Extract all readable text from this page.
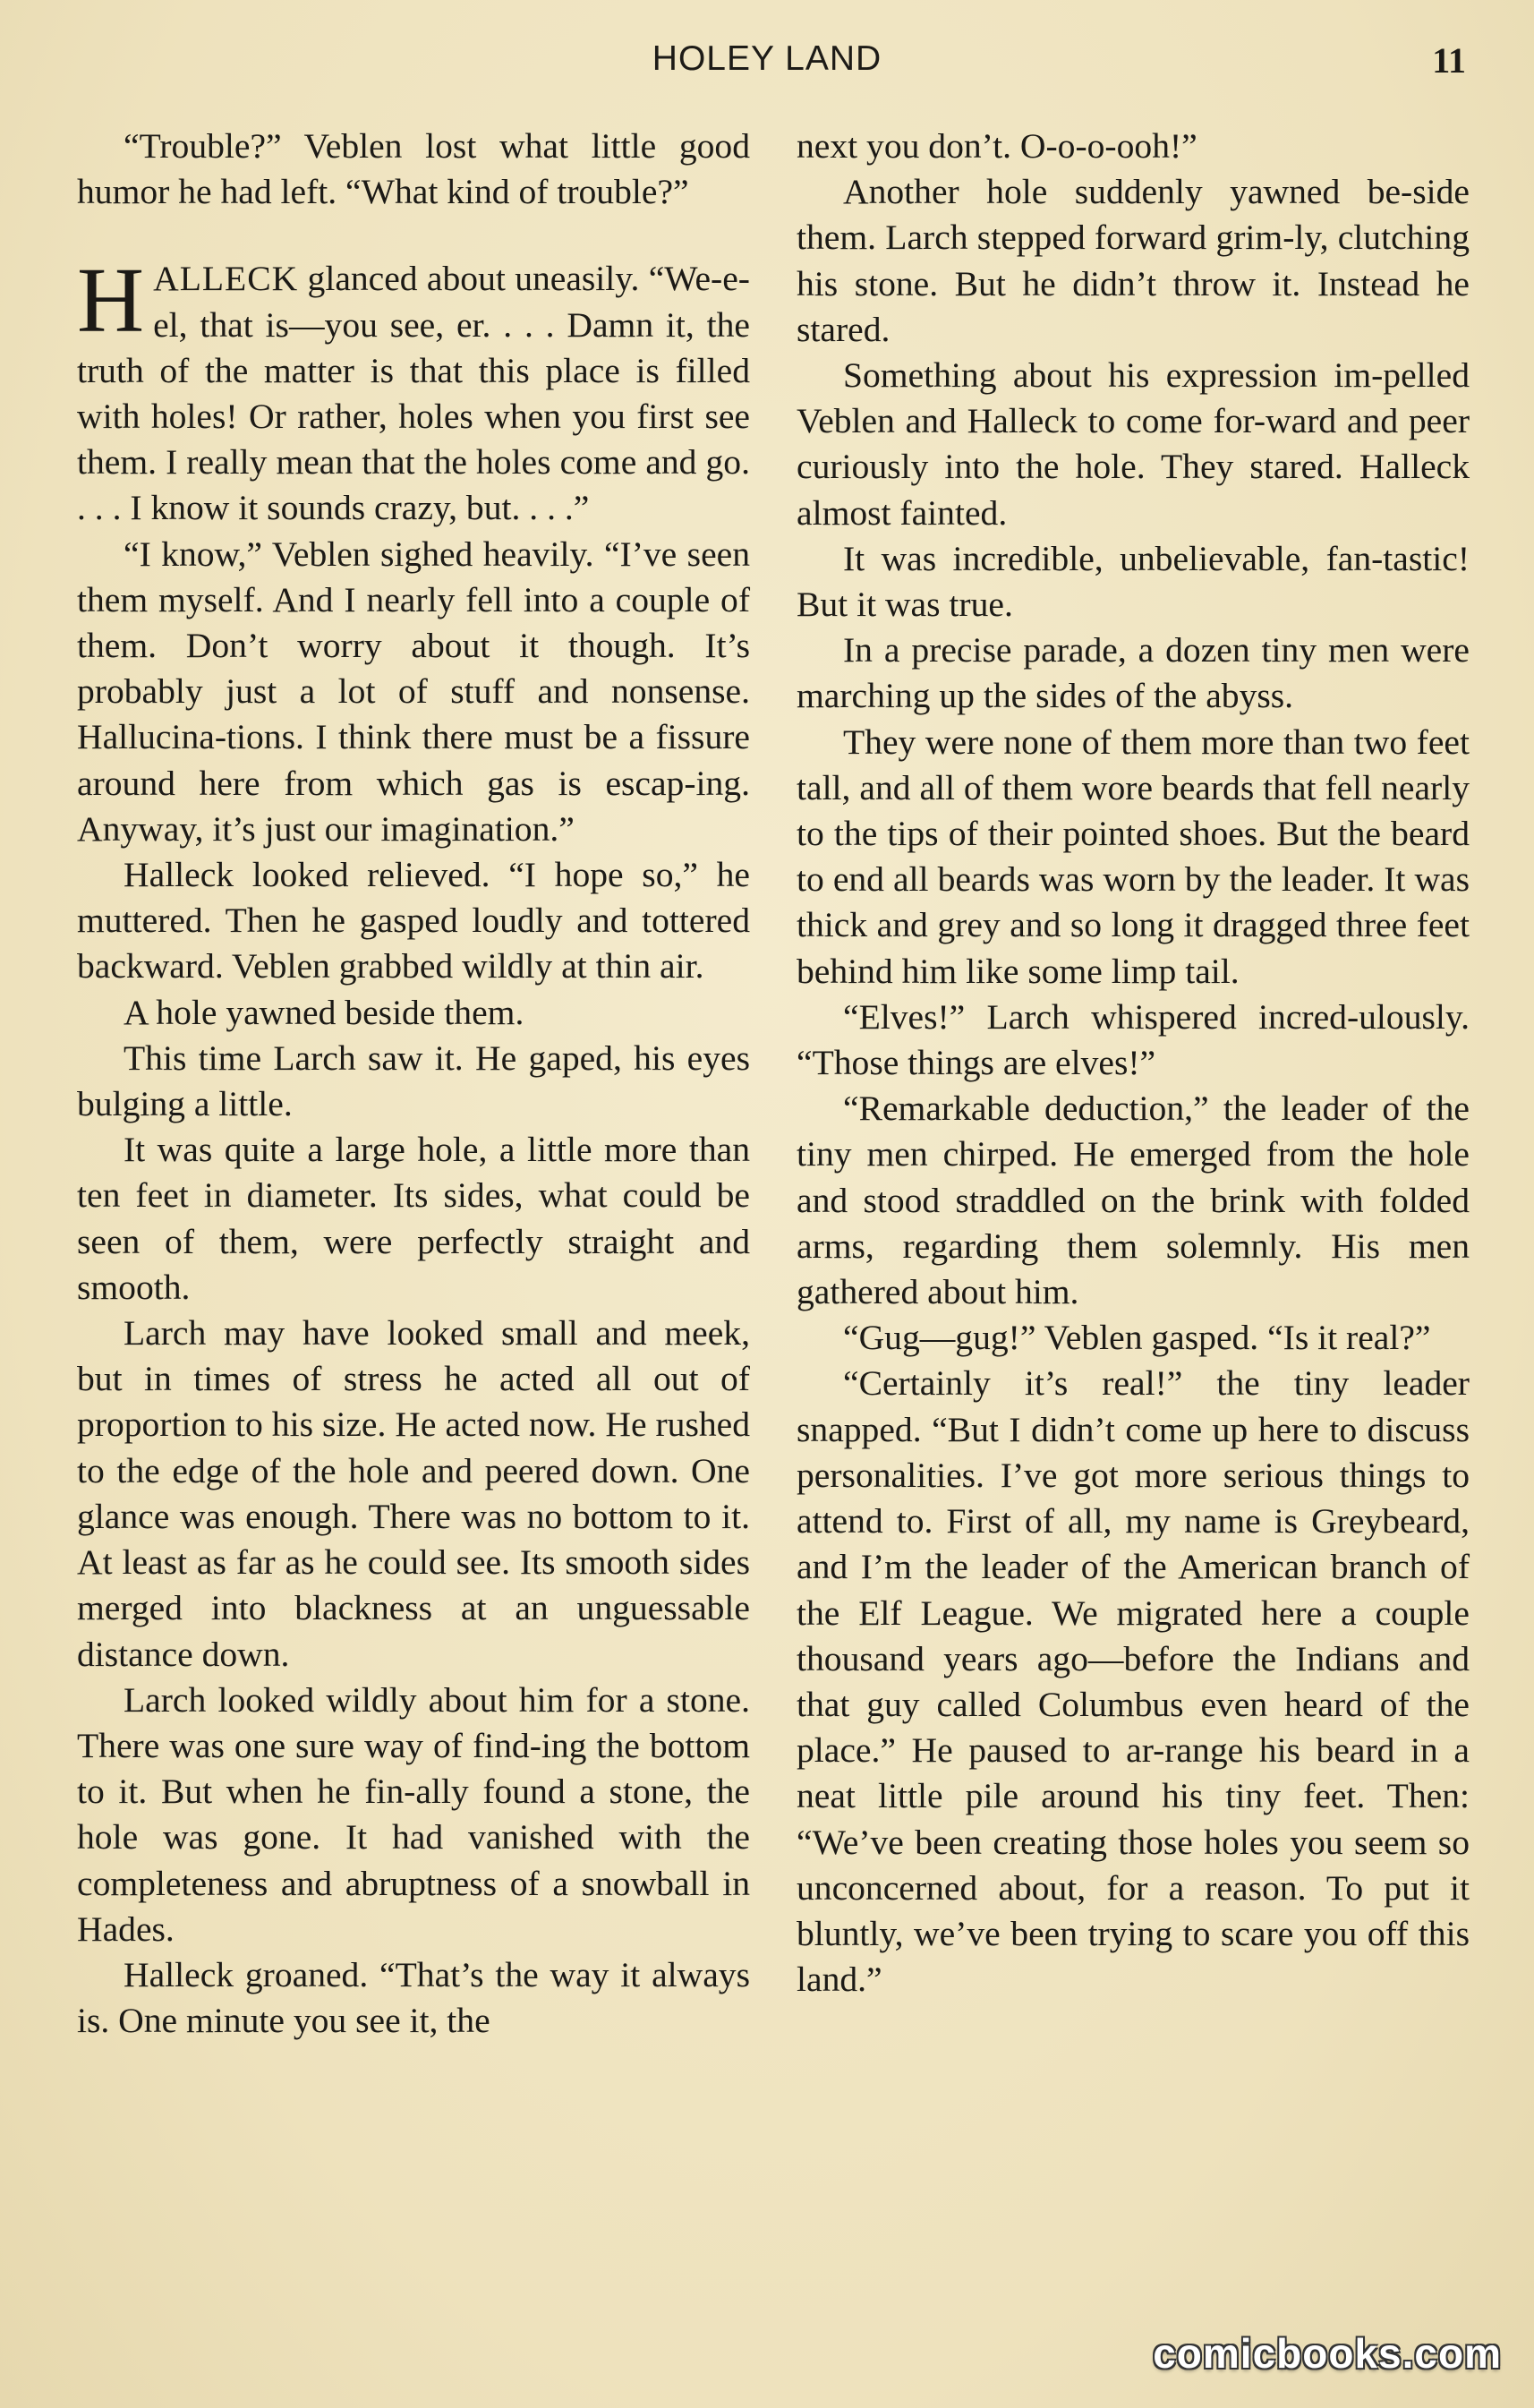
HOLEY LAND	11

“Trouble?” Veblen lost what little good humor he had left. “What kind of trouble?”

HALLECK glanced about uneasily. “We-e-el, that is—you see, er. . . . Damn it, the truth of the matter is that this place is filled with holes! Or rather, holes when you first see them. I really mean that the holes come and go. . . . I know it sounds crazy, but. . . .”

“I know,” Veblen sighed heavily. “I’ve seen them myself. And I nearly fell into a couple of them. Don’t worry about it though. It’s probably just a lot of stuff and nonsense. Hallucina-tions. I think there must be a fissure around here from which gas is escap-ing. Anyway, it’s just our imagination.”

Halleck looked relieved. “I hope so,” he muttered. Then he gasped loudly and tottered backward. Veblen grabbed wildly at thin air.

A hole yawned beside them.

This time Larch saw it. He gaped, his eyes bulging a little.

It was quite a large hole, a little more than ten feet in diameter. Its sides, what could be seen of them, were perfectly straight and smooth.

Larch may have looked small and meek, but in times of stress he acted all out of proportion to his size. He acted now. He rushed to the edge of the hole and peered down. One glance was enough. There was no bottom to it. At least as far as he could see. Its smooth sides merged into blackness at an unguessable distance down.

Larch looked wildly about him for a stone. There was one sure way of find-ing the bottom to it. But when he fin-ally found a stone, the hole was gone. It had vanished with the completeness and abruptness of a snowball in Hades.

Halleck groaned. “That’s the way it always is. One minute you see it, the

next you don’t. O-o-o-ooh!”

Another hole suddenly yawned be-side them. Larch stepped forward grim-ly, clutching his stone. But he didn’t throw it. Instead he stared.

Something about his expression im-pelled Veblen and Halleck to come for-ward and peer curiously into the hole. They stared. Halleck almost fainted.

It was incredible, unbelievable, fan-tastic! But it was true.

In a precise parade, a dozen tiny men were marching up the sides of the abyss.

They were none of them more than two feet tall, and all of them wore beards that fell nearly to the tips of their pointed shoes. But the beard to end all beards was worn by the leader. It was thick and grey and so long it dragged three feet behind him like some limp tail.

“Elves!” Larch whispered incred-ulously. “Those things are elves!”

“Remarkable deduction,” the leader of the tiny men chirped. He emerged from the hole and stood straddled on the brink with folded arms, regarding them solemnly. His men gathered about him.

“Gug—gug!” Veblen gasped. “Is it real?”

“Certainly it’s real!” the tiny leader snapped. “But I didn’t come up here to discuss personalities. I’ve got more serious things to attend to. First of all, my name is Greybeard, and I’m the leader of the American branch of the Elf League. We migrated here a couple thousand years ago—before the Indians and that guy called Columbus even heard of the place.” He paused to ar-range his beard in a neat little pile around his tiny feet. Then: “We’ve been creating those holes you seem so unconcerned about, for a reason. To put it bluntly, we’ve been trying to scare you off this land.”

comicbooks.com
